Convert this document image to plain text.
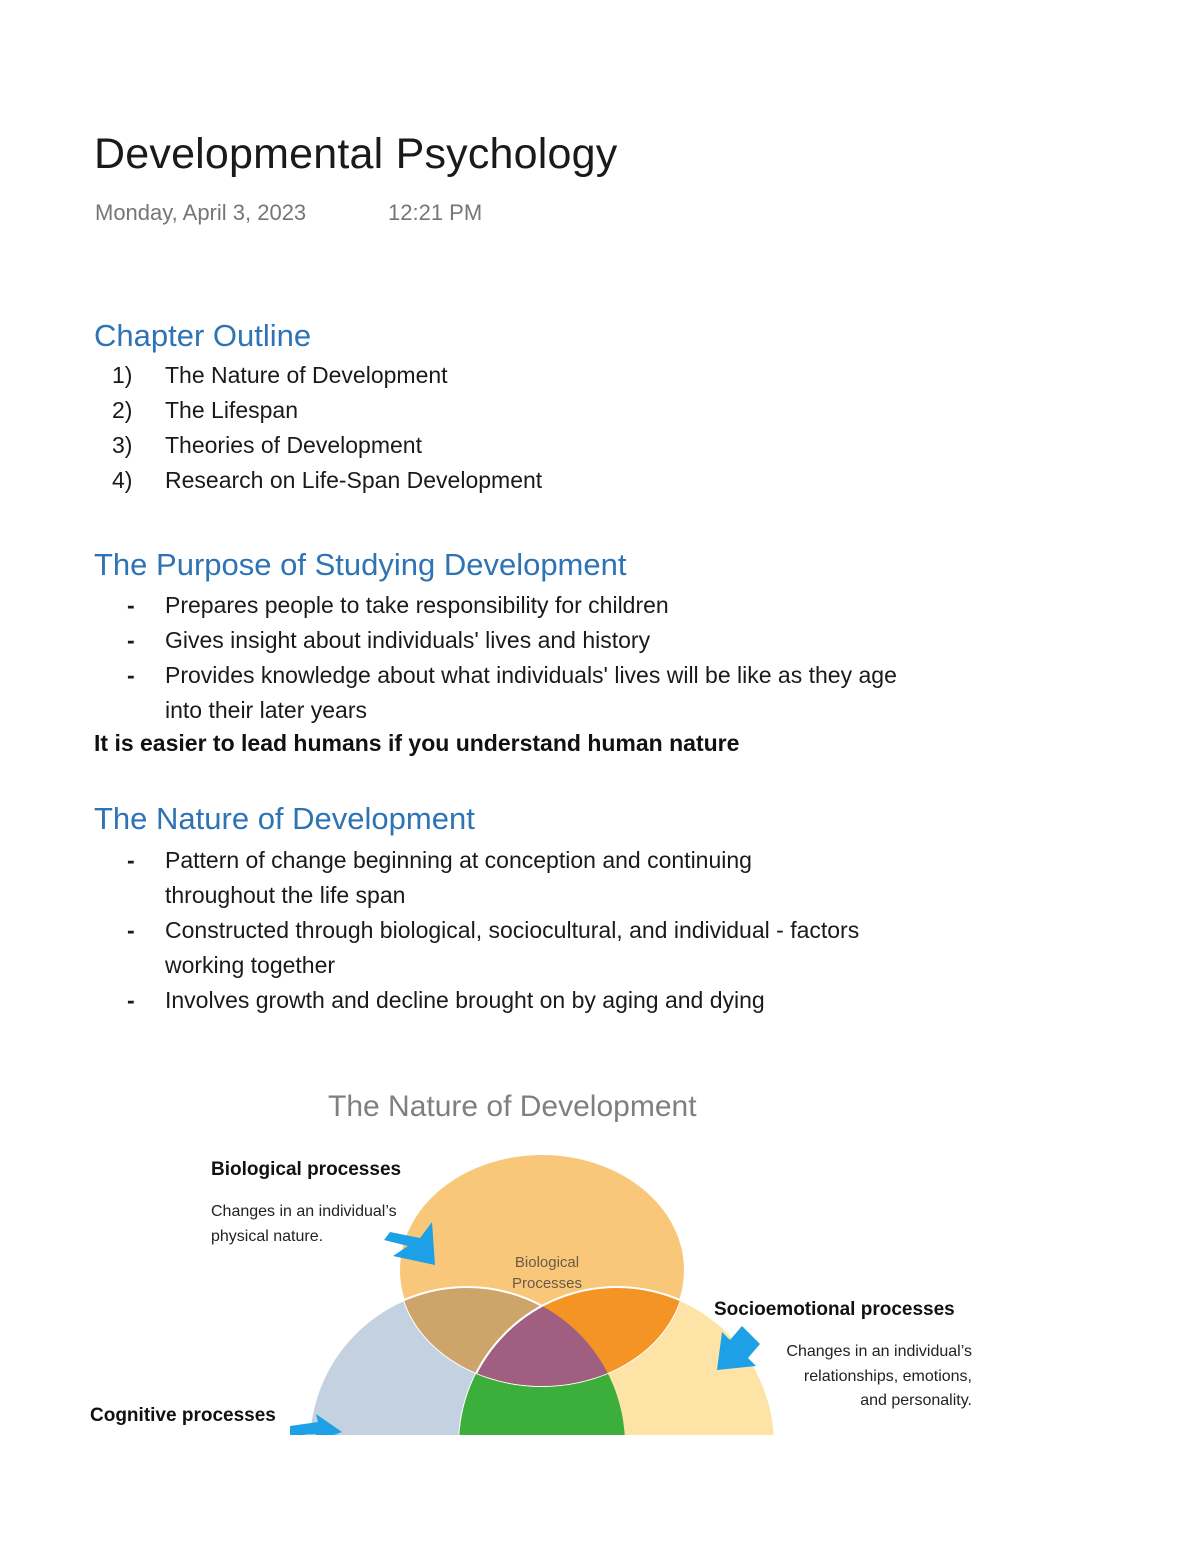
Developmental Psychology
Monday, April 3, 2023	12:21 PM
Chapter Outline
1) The Nature of Development
2) The Lifespan
3) Theories of Development
4) Research on Life-Span Development
The Purpose of Studying Development
- Prepares people to take responsibility for children
- Gives insight about individuals' lives and history
- Provides knowledge about what individuals' lives will be like as they age into their later years
It is easier to lead humans if you understand human nature
The Nature of Development
- Pattern of change beginning at conception and continuing throughout the life span
- Constructed through biological, sociocultural, and individual - factors working together
- Involves growth and decline brought on by aging and dying
The Nature of Development
Biological processes
Changes in an individual’s
physical nature.
Biological
Processes
Socioemotional processes
Changes in an individual’s
relationships, emotions,
and personality.
Cognitive processes
